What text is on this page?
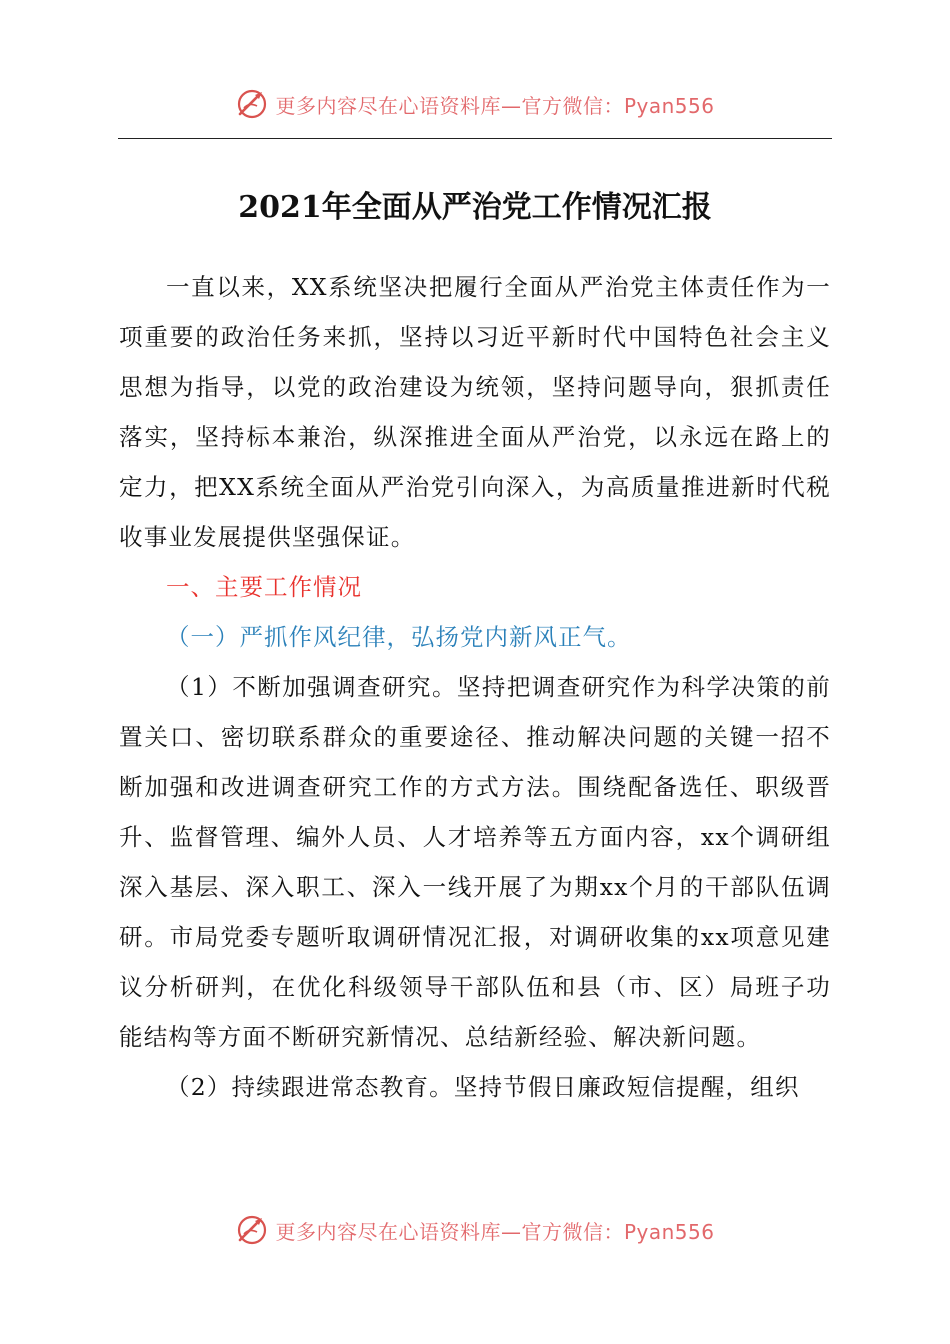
更多内容尽在心语资料库—官方微信：Pyan556
2021年全面从严治党工作情况汇报

一直以来，XX系统坚决把履行全面从严治党主体责任作为一项重要的政治任务来抓，坚持以习近平新时代中国特色社会主义思想为指导，以党的政治建设为统领，坚持问题导向，狠抓责任落实，坚持标本兼治，纵深推进全面从严治党，以永远在路上的定力，把XX系统全面从严治党引向深入，为高质量推进新时代税收事业发展提供坚强保证。

一、主要工作情况

（一）严抓作风纪律，弘扬党内新风正气。

（1）不断加强调查研究。坚持把调查研究作为科学决策的前置关口、密切联系群众的重要途径、推动解决问题的关键一招不断加强和改进调查研究工作的方式方法。围绕配备选任、职级晋升、监督管理、编外人员、人才培养等五方面内容，xx个调研组深入基层、深入职工、深入一线开展了为期xx个月的干部队伍调研。市局党委专题听取调研情况汇报，对调研收集的xx项意见建议分析研判，在优化科级领导干部队伍和县（市、区）局班子功能结构等方面不断研究新情况、总结新经验、解决新问题。

（2）持续跟进常态教育。坚持节假日廉政短信提醒，组织

更多内容尽在心语资料库—官方微信：Pyan556
